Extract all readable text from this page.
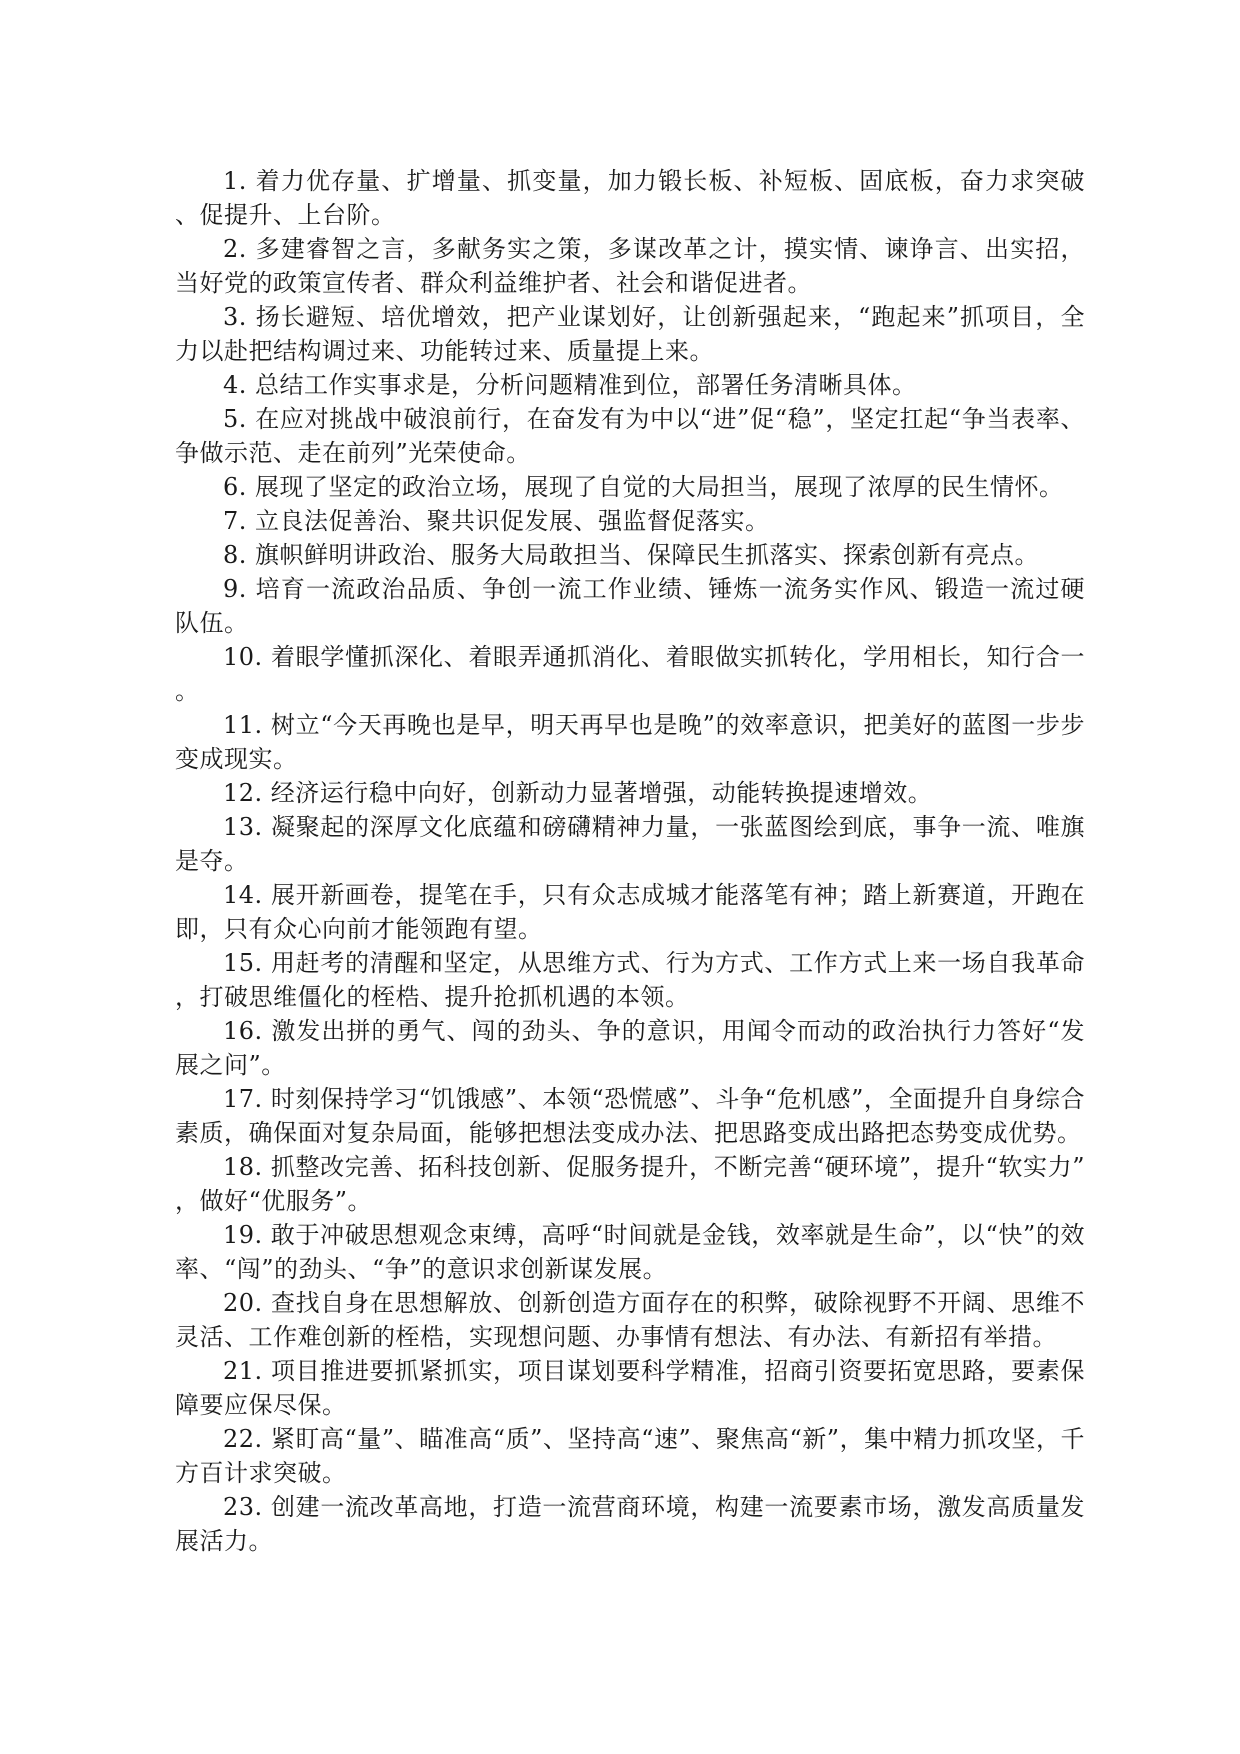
1. 着力优存量、扩增量、抓变量，加力锻长板、补短板、固底板，奋力求突破、促提升、上台阶。

2. 多建睿智之言，多献务实之策，多谋改革之计，摸实情、谏诤言、出实招，当好党的政策宣传者、群众利益维护者、社会和谐促进者。

3. 扬长避短、培优增效，把产业谋划好，让创新强起来，“跑起来”抓项目，全力以赴把结构调过来、功能转过来、质量提上来。

4. 总结工作实事求是，分析问题精准到位，部署任务清晰具体。

5. 在应对挑战中破浪前行，在奋发有为中以“进”促“稳”，坚定扛起“争当表率、争做示范、走在前列”光荣使命。

6. 展现了坚定的政治立场，展现了自觉的大局担当，展现了浓厚的民生情怀。

7. 立良法促善治、聚共识促发展、强监督促落实。

8. 旗帜鲜明讲政治、服务大局敢担当、保障民生抓落实、探索创新有亮点。

9. 培育一流政治品质、争创一流工作业绩、锤炼一流务实作风、锻造一流过硬队伍。

10. 着眼学懂抓深化、着眼弄通抓消化、着眼做实抓转化，学用相长，知行合一。

11. 树立“今天再晚也是早，明天再早也是晚”的效率意识，把美好的蓝图一步步变成现实。

12. 经济运行稳中向好，创新动力显著增强，动能转换提速增效。

13. 凝聚起的深厚文化底蕴和磅礴精神力量，一张蓝图绘到底，事争一流、唯旗是夺。

14. 展开新画卷，提笔在手，只有众志成城才能落笔有神；踏上新赛道，开跑在即，只有众心向前才能领跑有望。

15. 用赶考的清醒和坚定，从思维方式、行为方式、工作方式上来一场自我革命，打破思维僵化的桎梏、提升抢抓机遇的本领。

16. 激发出拼的勇气、闯的劲头、争的意识，用闻令而动的政治执行力答好“发展之问”。

17. 时刻保持学习“饥饿感”、本领“恐慌感”、斗争“危机感”，全面提升自身综合素质，确保面对复杂局面，能够把想法变成办法、把思路变成出路把态势变成优势。

18. 抓整改完善、拓科技创新、促服务提升，不断完善“硬环境”，提升“软实力”，做好“优服务”。

19. 敢于冲破思想观念束缚，高呼“时间就是金钱，效率就是生命”，以“快”的效率、“闯”的劲头、“争”的意识求创新谋发展。

20. 查找自身在思想解放、创新创造方面存在的积弊，破除视野不开阔、思维不灵活、工作难创新的桎梏，实现想问题、办事情有想法、有办法、有新招有举措。

21. 项目推进要抓紧抓实，项目谋划要科学精准，招商引资要拓宽思路，要素保障要应保尽保。

22. 紧盯高“量”、瞄准高“质”、坚持高“速”、聚焦高“新”，集中精力抓攻坚，千方百计求突破。

23. 创建一流改革高地，打造一流营商环境，构建一流要素市场，激发高质量发展活力。
